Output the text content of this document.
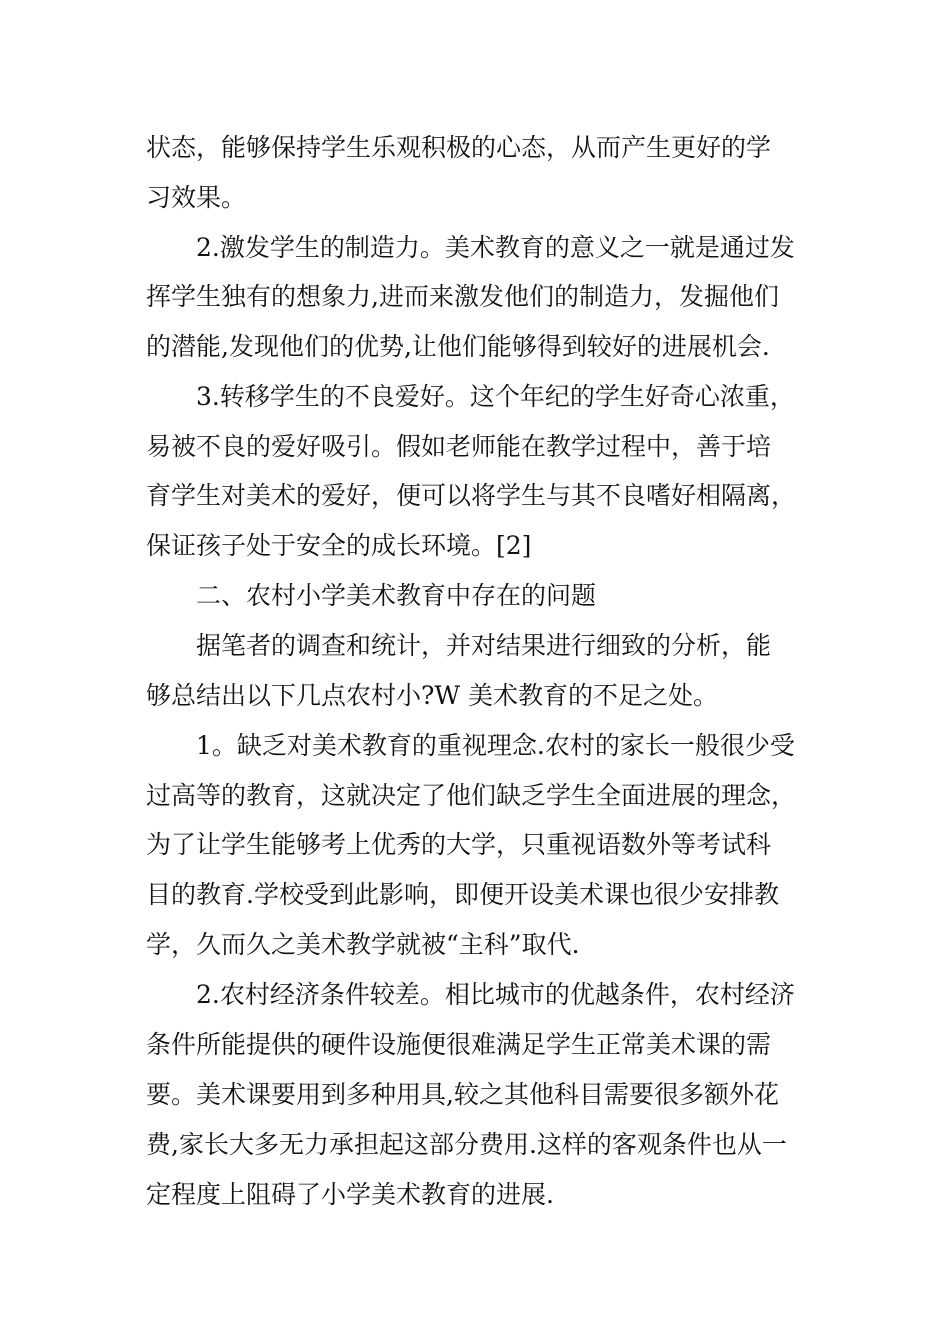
状态，能够保持学生乐观积极的心态，从而产生更好的学
习效果。
2.激发学生的制造力。美术教育的意义之一就是通过发
挥学生独有的想象力,进而来激发他们的制造力，发掘他们
的潜能,发现他们的优势,让他们能够得到较好的进展机会.
3.转移学生的不良爱好。这个年纪的学生好奇心浓重，
易被不良的爱好吸引。假如老师能在教学过程中，善于培
育学生对美术的爱好，便可以将学生与其不良嗜好相隔离，
保证孩子处于安全的成长环境。[2]
二、农村小学美术教育中存在的问题
据笔者的调查和统计，并对结果进行细致的分析，能
够总结出以下几点农村小?W 美术教育的不足之处。
1。缺乏对美术教育的重视理念.农村的家长一般很少受
过高等的教育，这就决定了他们缺乏学生全面进展的理念，
为了让学生能够考上优秀的大学，只重视语数外等考试科
目的教育.学校受到此影响，即便开设美术课也很少安排教
学，久而久之美术教学就被“主科”取代.
2.农村经济条件较差。相比城市的优越条件，农村经济
条件所能提供的硬件设施便很难满足学生正常美术课的需
要。美术课要用到多种用具,较之其他科目需要很多额外花
费,家长大多无力承担起这部分费用.这样的客观条件也从一
定程度上阻碍了小学美术教育的进展.
